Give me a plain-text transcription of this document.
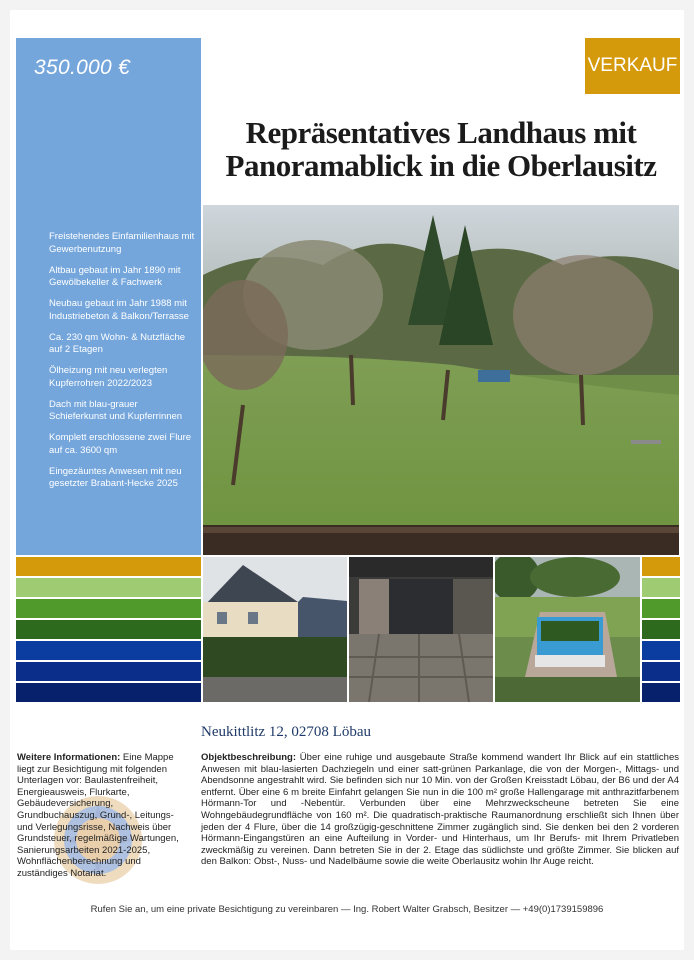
350.000 €
Freistehendes Einfamilienhaus mit Gewerbenutzung
Altbau gebaut im Jahr 1890 mit Gewölbekeller & Fachwerk
Neubau gebaut im Jahr 1988 mit Industriebeton & Balkon/Terrasse
Ca. 230 qm Wohn- & Nutzfläche auf 2 Etagen
Ölheizung mit neu verlegten Kupferrohren 2022/2023
Dach mit blau-grauer Schieferkunst und Kupferrinnen
Komplett erschlossene zwei Flure auf ca. 3600 qm
Eingezäuntes Anwesen mit neu gesetzter Brabant-Hecke 2025
VERKAUF
Repräsentatives Landhaus mit
Panoramablick in die Oberlausitz
Neukittlitz 12, 02708 Löbau
Weitere Informationen: Eine Mappe liegt zur Besichtigung mit folgenden Unterlagen vor: Baulastenfreiheit, Energieausweis, Flurkarte, Gebäudeversicherung, Grundbuchauszug, Grund-, Leitungs- und Verlegungsrisse, Nachweis über Grundsteuer, regelmäßige Wartungen, Sanierungsarbeiten 2021-2025, Wohnflächenberechnung und zuständiges Notariat.
Objektbeschreibung: Über eine ruhige und ausgebaute Straße kommend wandert Ihr Blick auf ein stattliches Anwesen mit blau-lasierten Dachziegeln und einer satt-grünen Parkanlage, die von der Morgen-, Mittags- und Abendsonne angestrahlt wird. Sie befinden sich nur 10 Min. von der Großen Kreisstadt Löbau, der B6 und der A4 entfernt. Über eine 6 m breite Einfahrt gelangen Sie nun in die 100 m² große Hallengarage mit anthrazitfarbenem Hörmann-Tor und -Nebentür. Verbunden über eine Mehrzweckscheune betreten Sie eine Wohngebäudegrundfläche von 160 m². Die quadratisch-praktische Raumanordnung erschließt sich Ihnen über jeden der 4 Flure, über die 14 großzügig-geschnittene Zimmer zugänglich sind. Sie denken bei den 2 vorderen Hörmann-Eingangstüren an eine Aufteilung in Vorder- und Hinterhaus, um Ihr Berufs- mit Ihrem Privatleben zweckmäßig zu vereinen. Dann betreten Sie in der 2. Etage das südlichste und größte Zimmer. Sie blicken auf den Balkon: Obst-, Nuss- und Nadelbäume sowie die weite Oberlausitz wohin Ihr Auge reicht.
Rufen Sie an, um eine private Besichtigung zu vereinbaren — Ing. Robert Walter Grabsch, Besitzer — +49(0)1739159896
